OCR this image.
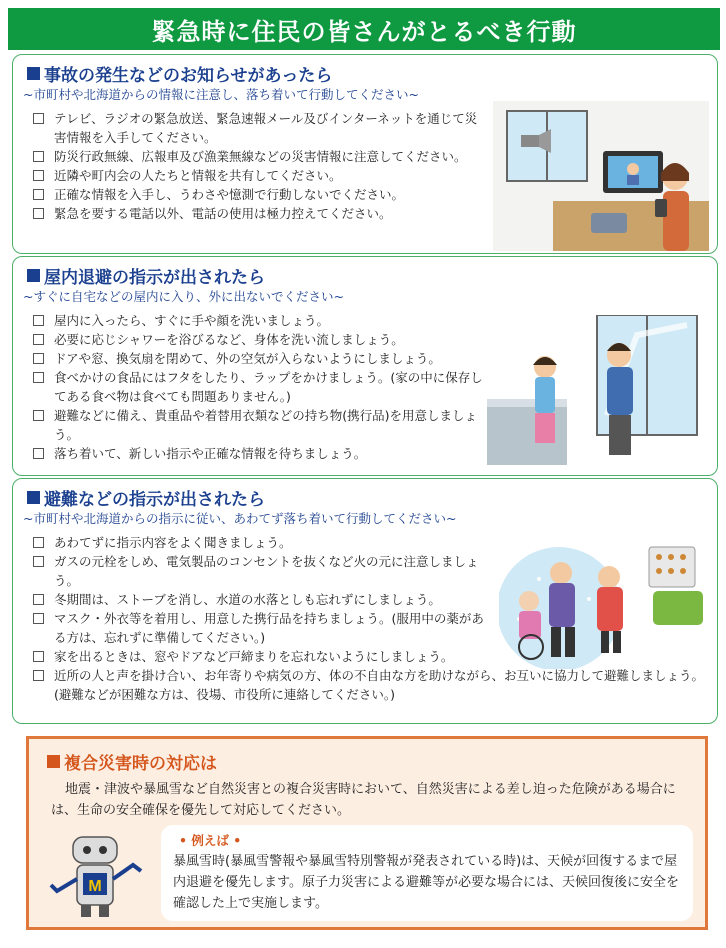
緊急時に住民の皆さんがとるべき行動
事故の発生などのお知らせがあったら
~市町村や北海道からの情報に注意し、落ち着いて行動してください~
テレビ、ラジオの緊急放送、緊急速報メール及びインターネットを通じて災害情報を入手してください。
防災行政無線、広報車及び漁業無線などの災害情報に注意してください。
近隣や町内会の人たちと情報を共有してください。
正確な情報を入手し、うわさや憶測で行動しないでください。
緊急を要する電話以外、電話の使用は極力控えてください。
屋内退避の指示が出されたら
~すぐに自宅などの屋内に入り、外に出ないでください~
屋内に入ったら、すぐに手や顔を洗いましょう。
必要に応じシャワーを浴びるなど、身体を洗い流しましょう。
ドアや窓、換気扇を閉めて、外の空気が入らないようにしましょう。
食べかけの食品にはフタをしたり、ラップをかけましょう。(家の中に保存してある食べ物は食べても問題ありません。)
避難などに備え、貴重品や着替用衣類などの持ち物(携行品)を用意しましょう。
落ち着いて、新しい指示や正確な情報を待ちましょう。
避難などの指示が出されたら
~市町村や北海道からの指示に従い、あわてず落ち着いて行動してください~
あわてずに指示内容をよく聞きましょう。
ガスの元栓をしめ、電気製品のコンセントを抜くなど火の元に注意しましょう。
冬期間は、ストーブを消し、水道の水落としも忘れずにしましょう。
マスク・外衣等を着用し、用意した携行品を持ちましょう。(服用中の薬がある方は、忘れずに準備してください。)
家を出るときは、窓やドアなど戸締まりを忘れないようにしましょう。
近所の人と声を掛け合い、お年寄りや病気の方、体の不自由な方を助けながら、お互いに協力して避難しましょう。(避難などが困難な方は、役場、市役所に連絡してください。)
複合災害時の対応は
地震・津波や暴風雪など自然災害との複合災害時において、自然災害による差し迫った危険がある場合には、生命の安全確保を優先して対応してください。
M
• 例えば •
暴風雪時(暴風雪警報や暴風雪特別警報が発表されている時)は、天候が回復するまで屋内退避を優先します。原子力災害による避難等が必要な場合には、天候回復後に安全を確認した上で実施します。
